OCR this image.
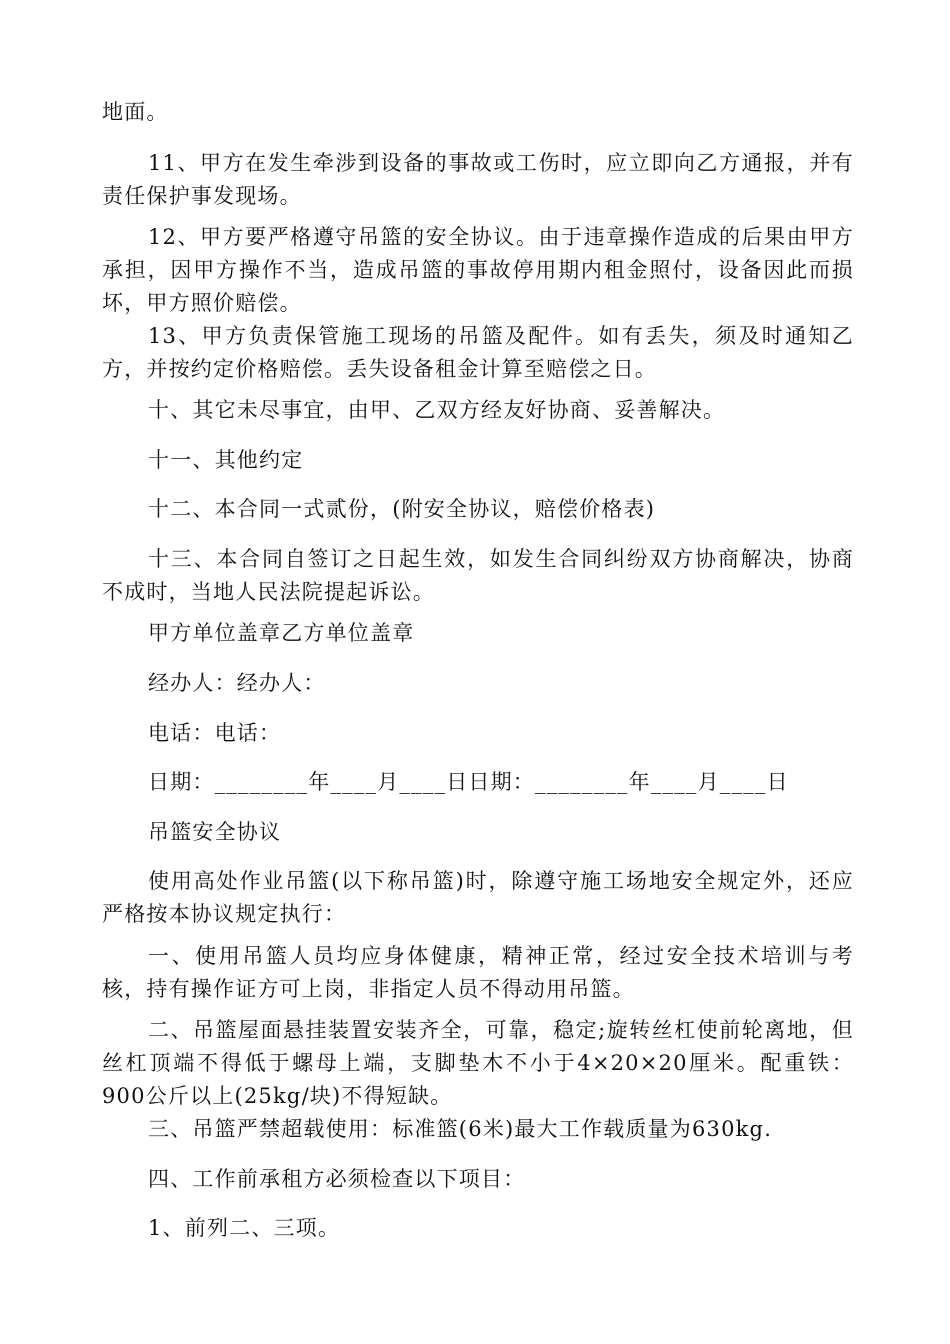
地面。

11、甲方在发生牵涉到设备的事故或工伤时，应立即向乙方通报，并有责任保护事发现场。

12、甲方要严格遵守吊篮的安全协议。由于违章操作造成的后果由甲方承担，因甲方操作不当，造成吊篮的事故停用期内租金照付，设备因此而损坏，甲方照价赔偿。

13、甲方负责保管施工现场的吊篮及配件。如有丢失，须及时通知乙方，并按约定价格赔偿。丢失设备租金计算至赔偿之日。

十、其它未尽事宜，由甲、乙双方经友好协商、妥善解决。

十一、其他约定

十二、本合同一式贰份，(附安全协议，赔偿价格表)

十三、本合同自签订之日起生效，如发生合同纠纷双方协商解决，协商不成时，当地人民法院提起诉讼。

甲方单位盖章乙方单位盖章

经办人：经办人：

电话：电话：

日期：________年____月____日日期：________年____月____日

吊篮安全协议

使用高处作业吊篮(以下称吊篮)时，除遵守施工场地安全规定外，还应严格按本协议规定执行：

一、使用吊篮人员均应身体健康，精神正常，经过安全技术培训与考核，持有操作证方可上岗，非指定人员不得动用吊篮。

二、吊篮屋面悬挂装置安装齐全，可靠，稳定;旋转丝杠使前轮离地，但丝杠顶端不得低于螺母上端，支脚垫木不小于4×20×20厘米。配重铁：900公斤以上(25kg/块)不得短缺。

三、吊篮严禁超载使用：标准篮(6米)最大工作载质量为630kg.

四、工作前承租方必须检查以下项目：

1、前列二、三项。
